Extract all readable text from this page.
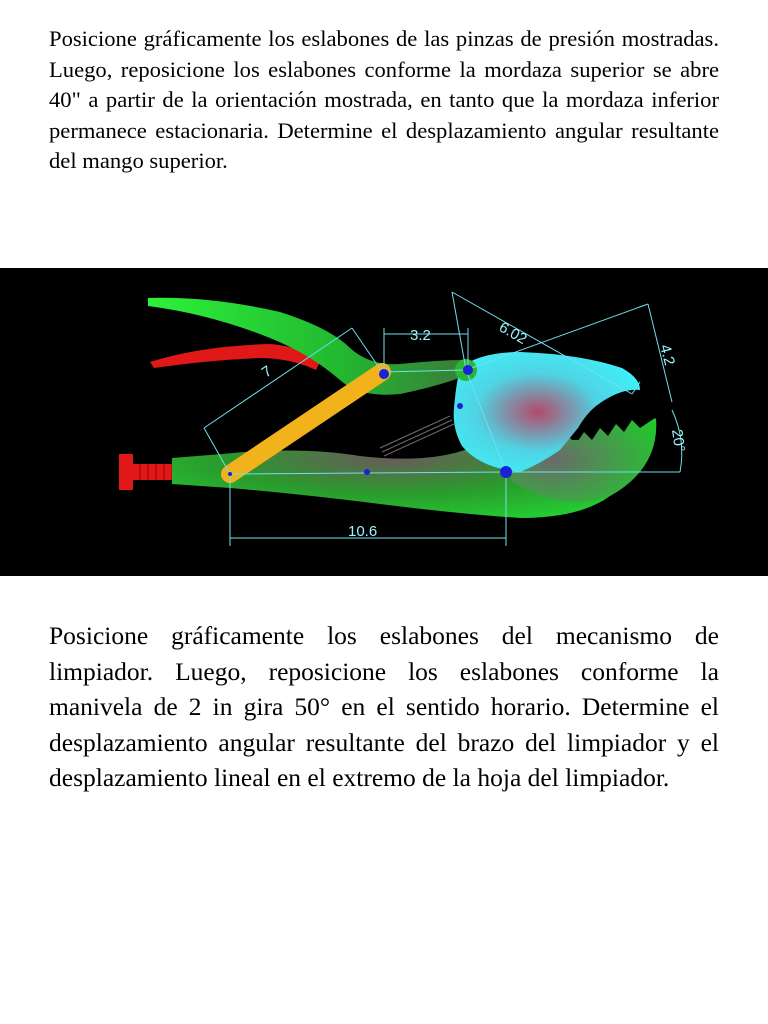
Posicione gráficamente los eslabones de las pinzas de presión mostradas. Luego, reposicione los eslabones conforme la mordaza superior se abre 40" a partir de la orientación mostrada, en tanto que la mordaza inferior permanece estacionaria. Determine el desplazamiento angular resultante del mango superior.

3.2	6.02
4.2
7
20°
10.6

Posicione gráficamente los eslabones del mecanismo de limpiador. Luego, reposicione los eslabones conforme la manivela de 2 in gira 50° en el sentido horario. Determine el desplazamiento angular resultante del brazo del limpiador y el desplazamiento lineal en el extremo de la hoja del limpiador.
